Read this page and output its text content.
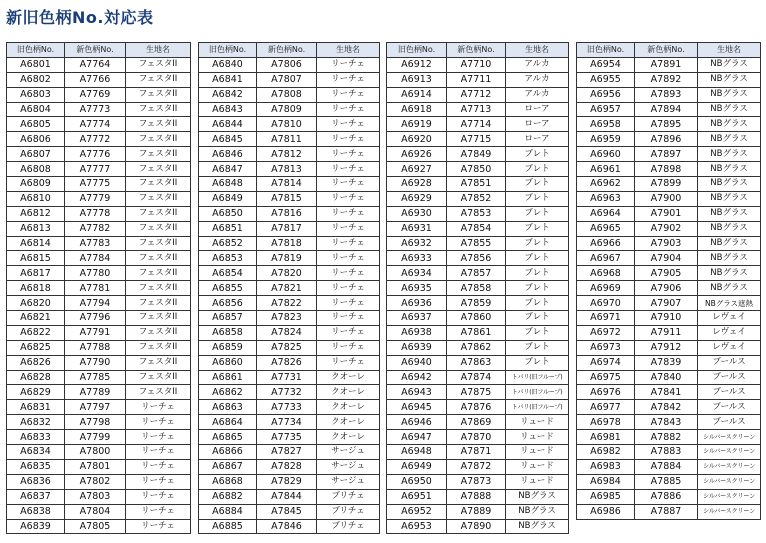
新旧色柄No.対応表
旧色柄No.	新色柄No.	生地名
A6801	A7764	フェスタII
A6802	A7766	フェスタII
A6803	A7769	フェスタII
A6804	A7773	フェスタII
A6805	A7774	フェスタII
A6806	A7772	フェスタII
A6807	A7776	フェスタII
A6808	A7777	フェスタII
A6809	A7775	フェスタII
A6810	A7779	フェスタII
A6812	A7778	フェスタII
A6813	A7782	フェスタII
A6814	A7783	フェスタII
A6815	A7784	フェスタII
A6817	A7780	フェスタII
A6818	A7781	フェスタII
A6820	A7794	フェスタII
A6821	A7796	フェスタII
A6822	A7791	フェスタII
A6825	A7788	フェスタII
A6826	A7790	フェスタII
A6828	A7785	フェスタII
A6829	A7789	フェスタII
A6831	A7797	リーチェ
A6832	A7798	リーチェ
A6833	A7799	リーチェ
A6834	A7800	リーチェ
A6835	A7801	リーチェ
A6836	A7802	リーチェ
A6837	A7803	リーチェ
A6838	A7804	リーチェ
A6839	A7805	リーチェ
旧色柄No.	新色柄No.	生地名
A6840	A7806	リーチェ
A6841	A7807	リーチェ
A6842	A7808	リーチェ
A6843	A7809	リーチェ
A6844	A7810	リーチェ
A6845	A7811	リーチェ
A6846	A7812	リーチェ
A6847	A7813	リーチェ
A6848	A7814	リーチェ
A6849	A7815	リーチェ
A6850	A7816	リーチェ
A6851	A7817	リーチェ
A6852	A7818	リーチェ
A6853	A7819	リーチェ
A6854	A7820	リーチェ
A6855	A7821	リーチェ
A6856	A7822	リーチェ
A6857	A7823	リーチェ
A6858	A7824	リーチェ
A6859	A7825	リーチェ
A6860	A7826	リーチェ
A6861	A7731	クオーレ
A6862	A7732	クオーレ
A6863	A7733	クオーレ
A6864	A7734	クオーレ
A6865	A7735	クオーレ
A6866	A7827	サージュ
A6867	A7828	サージュ
A6868	A7829	サージュ
A6882	A7844	ブリチェ
A6884	A7845	ブリチェ
A6885	A7846	ブリチェ
旧色柄No.	新色柄No.	生地名
A6912	A7710	アルカ
A6913	A7711	アルカ
A6914	A7712	アルカ
A6918	A7713	ローア
A6919	A7714	ローア
A6920	A7715	ローア
A6926	A7849	ブレト
A6927	A7850	ブレト
A6928	A7851	ブレト
A6929	A7852	ブレト
A6930	A7853	ブレト
A6931	A7854	ブレト
A6932	A7855	ブレト
A6933	A7856	ブレト
A6934	A7857	ブレト
A6935	A7858	ブレト
A6936	A7859	ブレト
A6937	A7860	ブレト
A6938	A7861	ブレト
A6939	A7862	ブレト
A6940	A7863	ブレト
A6942	A7874	トパリ(旧フループ)
A6943	A7875	トパリ(旧フループ)
A6945	A7876	トパリ(旧フループ)
A6946	A7869	リュード
A6947	A7870	リュード
A6948	A7871	リュード
A6949	A7872	リュード
A6950	A7873	リュード
A6951	A7888	NBグラス
A6952	A7889	NBグラス
A6953	A7890	NBグラス
旧色柄No.	新色柄No.	生地名
A6954	A7891	NBグラス
A6955	A7892	NBグラス
A6956	A7893	NBグラス
A6957	A7894	NBグラス
A6958	A7895	NBグラス
A6959	A7896	NBグラス
A6960	A7897	NBグラス
A6961	A7898	NBグラス
A6962	A7899	NBグラス
A6963	A7900	NBグラス
A6964	A7901	NBグラス
A6965	A7902	NBグラス
A6966	A7903	NBグラス
A6967	A7904	NBグラス
A6968	A7905	NBグラス
A6969	A7906	NBグラス
A6970	A7907	NBグラス遮熱
A6971	A7910	レヴェイ
A6972	A7911	レヴェイ
A6973	A7912	レヴェイ
A6974	A7839	ブールス
A6975	A7840	ブールス
A6976	A7841	ブールス
A6977	A7842	ブールス
A6978	A7843	ブールス
A6981	A7882	シルバースクリーン
A6982	A7883	シルバースクリーン
A6983	A7884	シルバースクリーン
A6984	A7885	シルバースクリーン
A6985	A7886	シルバースクリーン
A6986	A7887	シルバースクリーン
